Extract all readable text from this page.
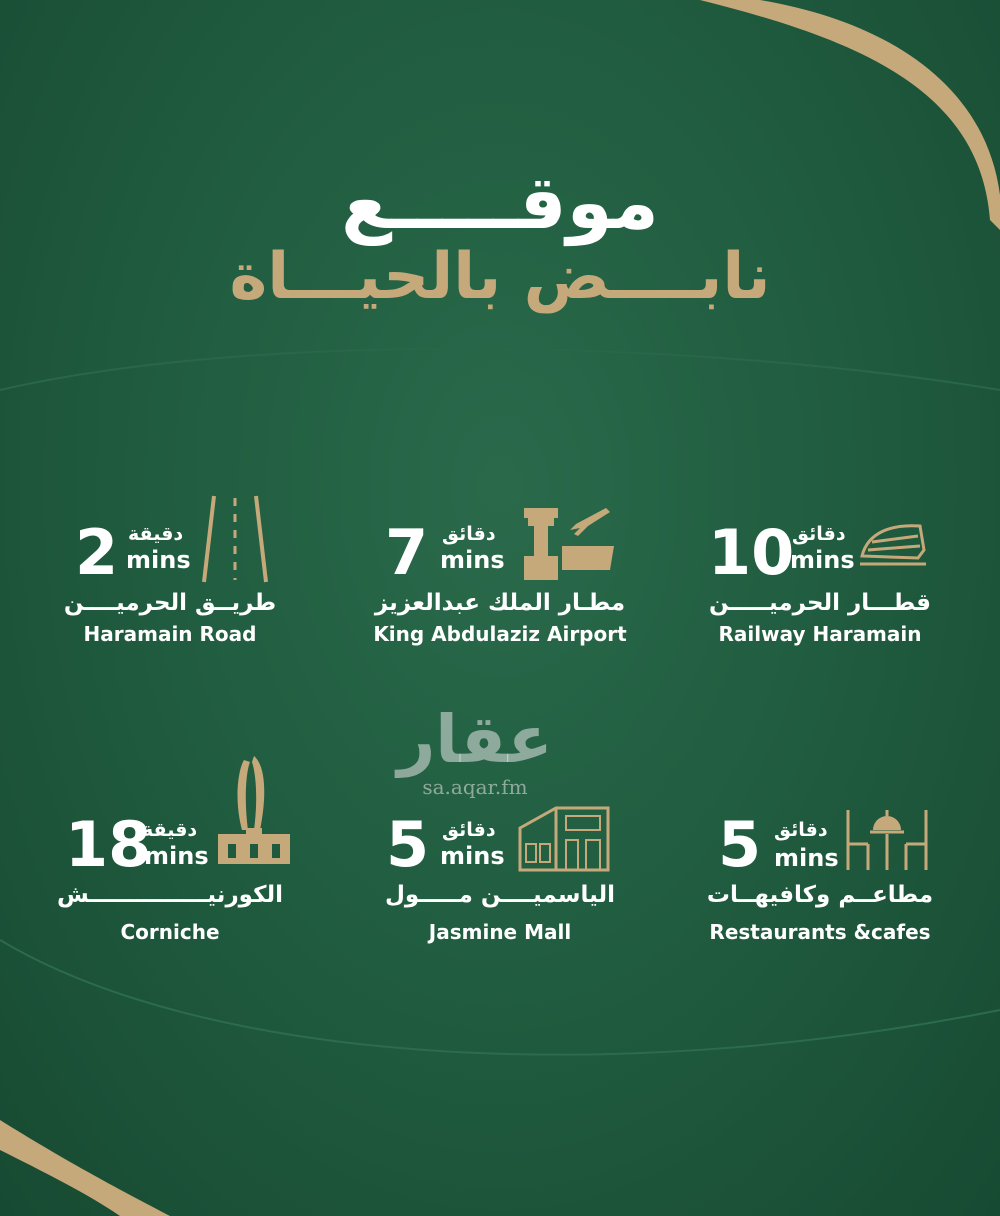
موقـــــع
نابــــض بالحيـــاة
2 دقيقة
mins
طريــق الحرميــــن
Haramain Road
7 دقائق
mins
مطـار الملك عبدالعزيز
King Abdulaziz Airport
10
دقائق
mins
قطـــار الحرميـــــن
Railway Haramain
18
دقيقة
mins
الكورنيـــــــــــــــش
Corniche
5 دقائق
mins
الياسميــــن مـــــول
Jasmine Mall
5 دقائق
mins
مطاعــم وكافيهــات
Restaurants &cafes
عقار
sa.aqar.fm
